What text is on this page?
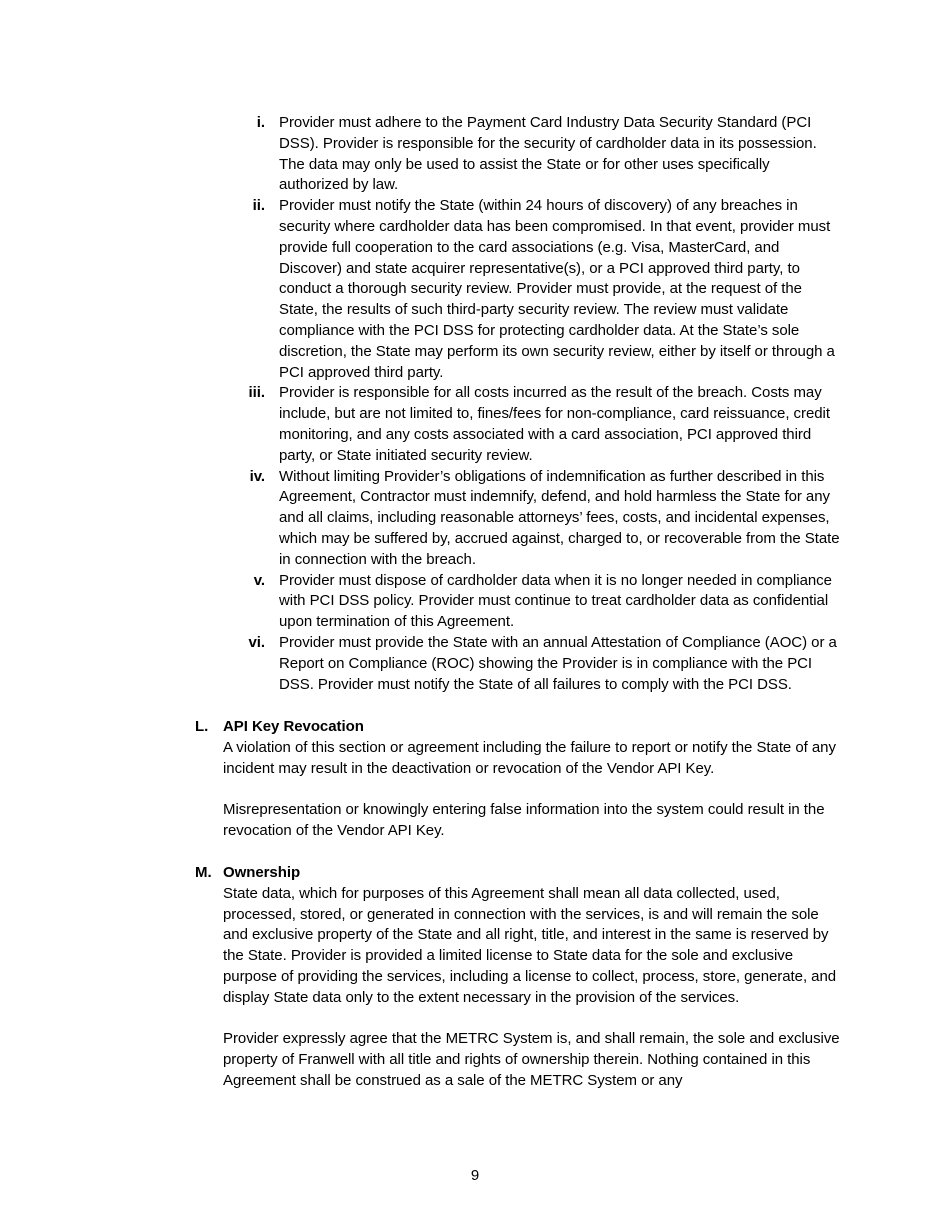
i. Provider must adhere to the Payment Card Industry Data Security Standard (PCI DSS). Provider is responsible for the security of cardholder data in its possession. The data may only be used to assist the State or for other uses specifically authorized by law.
ii. Provider must notify the State (within 24 hours of discovery) of any breaches in security where cardholder data has been compromised. In that event, provider must provide full cooperation to the card associations (e.g. Visa, MasterCard, and Discover) and state acquirer representative(s), or a PCI approved third party, to conduct a thorough security review. Provider must provide, at the request of the State, the results of such third-party security review. The review must validate compliance with the PCI DSS for protecting cardholder data. At the State’s sole discretion, the State may perform its own security review, either by itself or through a PCI approved third party.
iii. Provider is responsible for all costs incurred as the result of the breach. Costs may include, but are not limited to, fines/fees for non-compliance, card reissuance, credit monitoring, and any costs associated with a card association, PCI approved third party, or State initiated security review.
iv. Without limiting Provider’s obligations of indemnification as further described in this Agreement, Contractor must indemnify, defend, and hold harmless the State for any and all claims, including reasonable attorneys’ fees, costs, and incidental expenses, which may be suffered by, accrued against, charged to, or recoverable from the State in connection with the breach.
v. Provider must dispose of cardholder data when it is no longer needed in compliance with PCI DSS policy. Provider must continue to treat cardholder data as confidential upon termination of this Agreement.
vi. Provider must provide the State with an annual Attestation of Compliance (AOC) or a Report on Compliance (ROC) showing the Provider is in compliance with the PCI DSS. Provider must notify the State of all failures to comply with the PCI DSS.
L. API Key Revocation

A violation of this section or agreement including the failure to report or notify the State of any incident may result in the deactivation or revocation of the Vendor API Key.

Misrepresentation or knowingly entering false information into the system could result in the revocation of the Vendor API Key.

M. Ownership

State data, which for purposes of this Agreement shall mean all data collected, used, processed, stored, or generated in connection with the services, is and will remain the sole and exclusive property of the State and all right, title, and interest in the same is reserved by the State. Provider is provided a limited license to State data for the sole and exclusive purpose of providing the services, including a license to collect, process, store, generate, and display State data only to the extent necessary in the provision of the services.

Provider expressly agree that the METRC System is, and shall remain, the sole and exclusive property of Franwell with all title and rights of ownership therein. Nothing contained in this Agreement shall be construed as a sale of the METRC System or any

9
